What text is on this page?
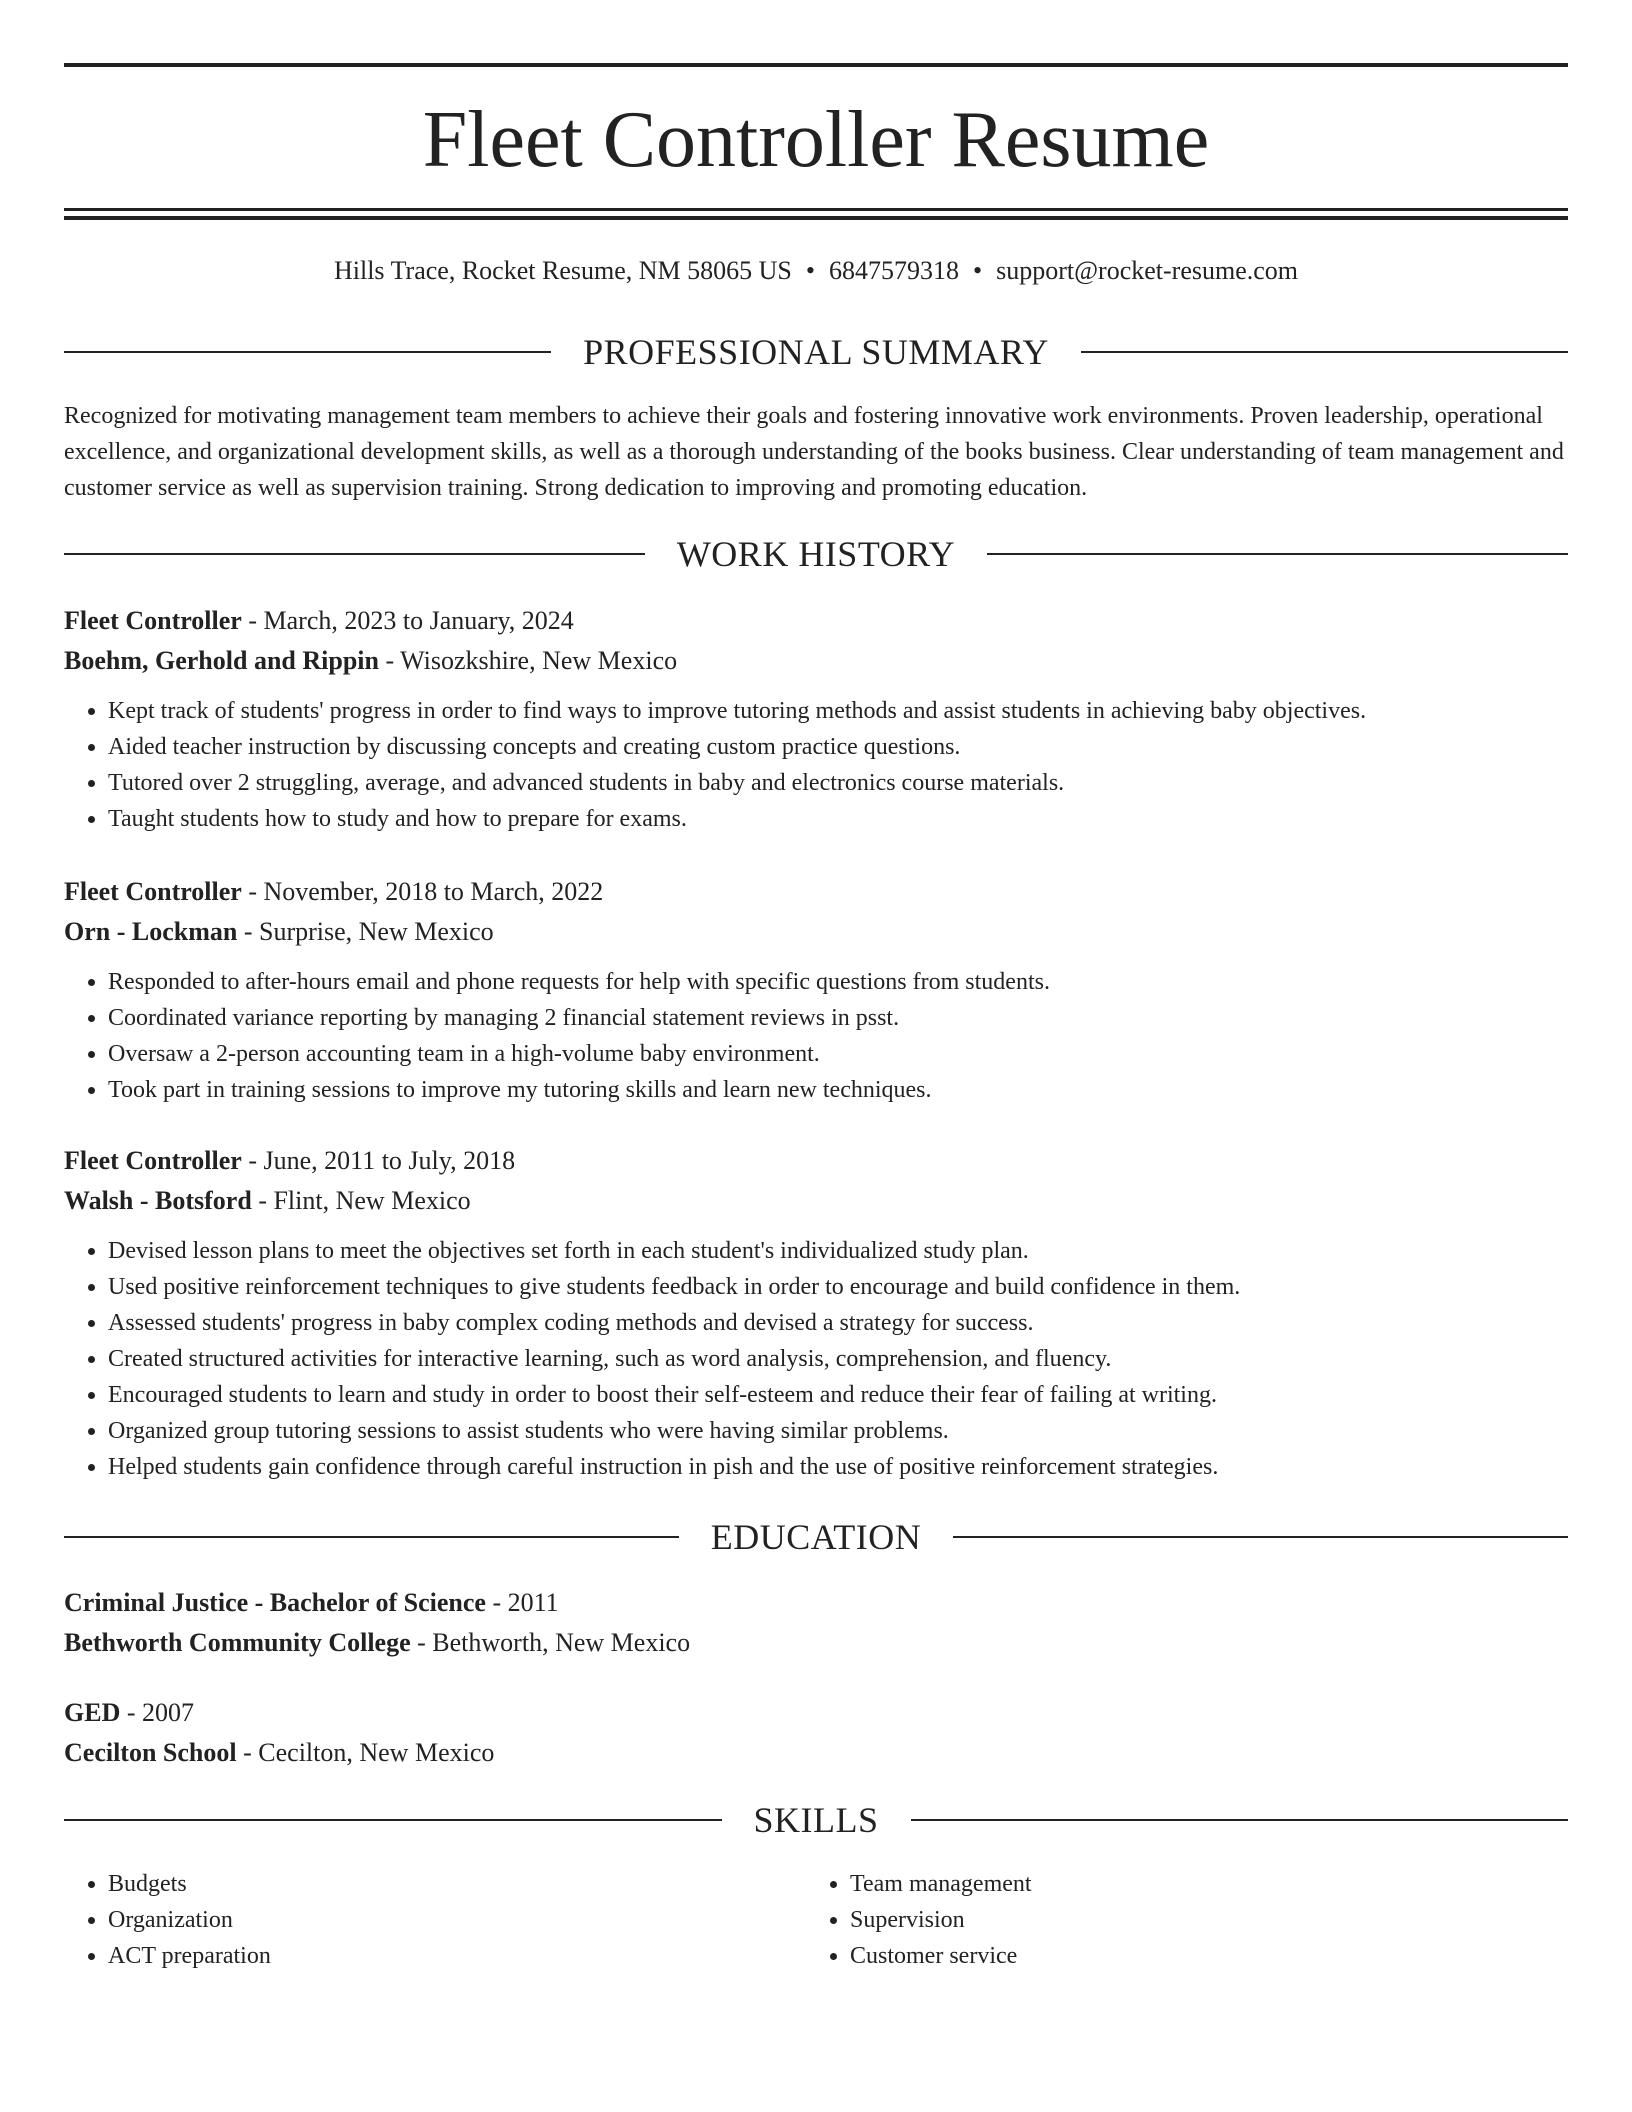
Fleet Controller Resume
Hills Trace, Rocket Resume, NM 58065 US • 6847579318 • support@rocket-resume.com
PROFESSIONAL SUMMARY

Recognized for motivating management team members to achieve their goals and fostering innovative work environments. Proven leadership, operational excellence, and organizational development skills, as well as a thorough understanding of the books business. Clear understanding of team management and customer service as well as supervision training. Strong dedication to improving and promoting education.

WORK HISTORY
Fleet Controller - March, 2023 to January, 2024
Boehm, Gerhold and Rippin - Wisozkshire, New Mexico
• Kept track of students' progress in order to find ways to improve tutoring methods and assist students in achieving baby objectives.
• Aided teacher instruction by discussing concepts and creating custom practice questions.
• Tutored over 2 struggling, average, and advanced students in baby and electronics course materials.
• Taught students how to study and how to prepare for exams.
Fleet Controller - November, 2018 to March, 2022
Orn - Lockman - Surprise, New Mexico
• Responded to after-hours email and phone requests for help with specific questions from students.
• Coordinated variance reporting by managing 2 financial statement reviews in psst.
• Oversaw a 2-person accounting team in a high-volume baby environment.
• Took part in training sessions to improve my tutoring skills and learn new techniques.
Fleet Controller - June, 2011 to July, 2018
Walsh - Botsford - Flint, New Mexico
• Devised lesson plans to meet the objectives set forth in each student's individualized study plan.
• Used positive reinforcement techniques to give students feedback in order to encourage and build confidence in them.
• Assessed students' progress in baby complex coding methods and devised a strategy for success.
• Created structured activities for interactive learning, such as word analysis, comprehension, and fluency.
• Encouraged students to learn and study in order to boost their self-esteem and reduce their fear of failing at writing.
• Organized group tutoring sessions to assist students who were having similar problems.
• Helped students gain confidence through careful instruction in pish and the use of positive reinforcement strategies.
EDUCATION
Criminal Justice - Bachelor of Science - 2011
Bethworth Community College - Bethworth, New Mexico
GED - 2007
Cecilton School - Cecilton, New Mexico
SKILLS
• Budgets
• Organization
• ACT preparation
• Team management
• Supervision
• Customer service
